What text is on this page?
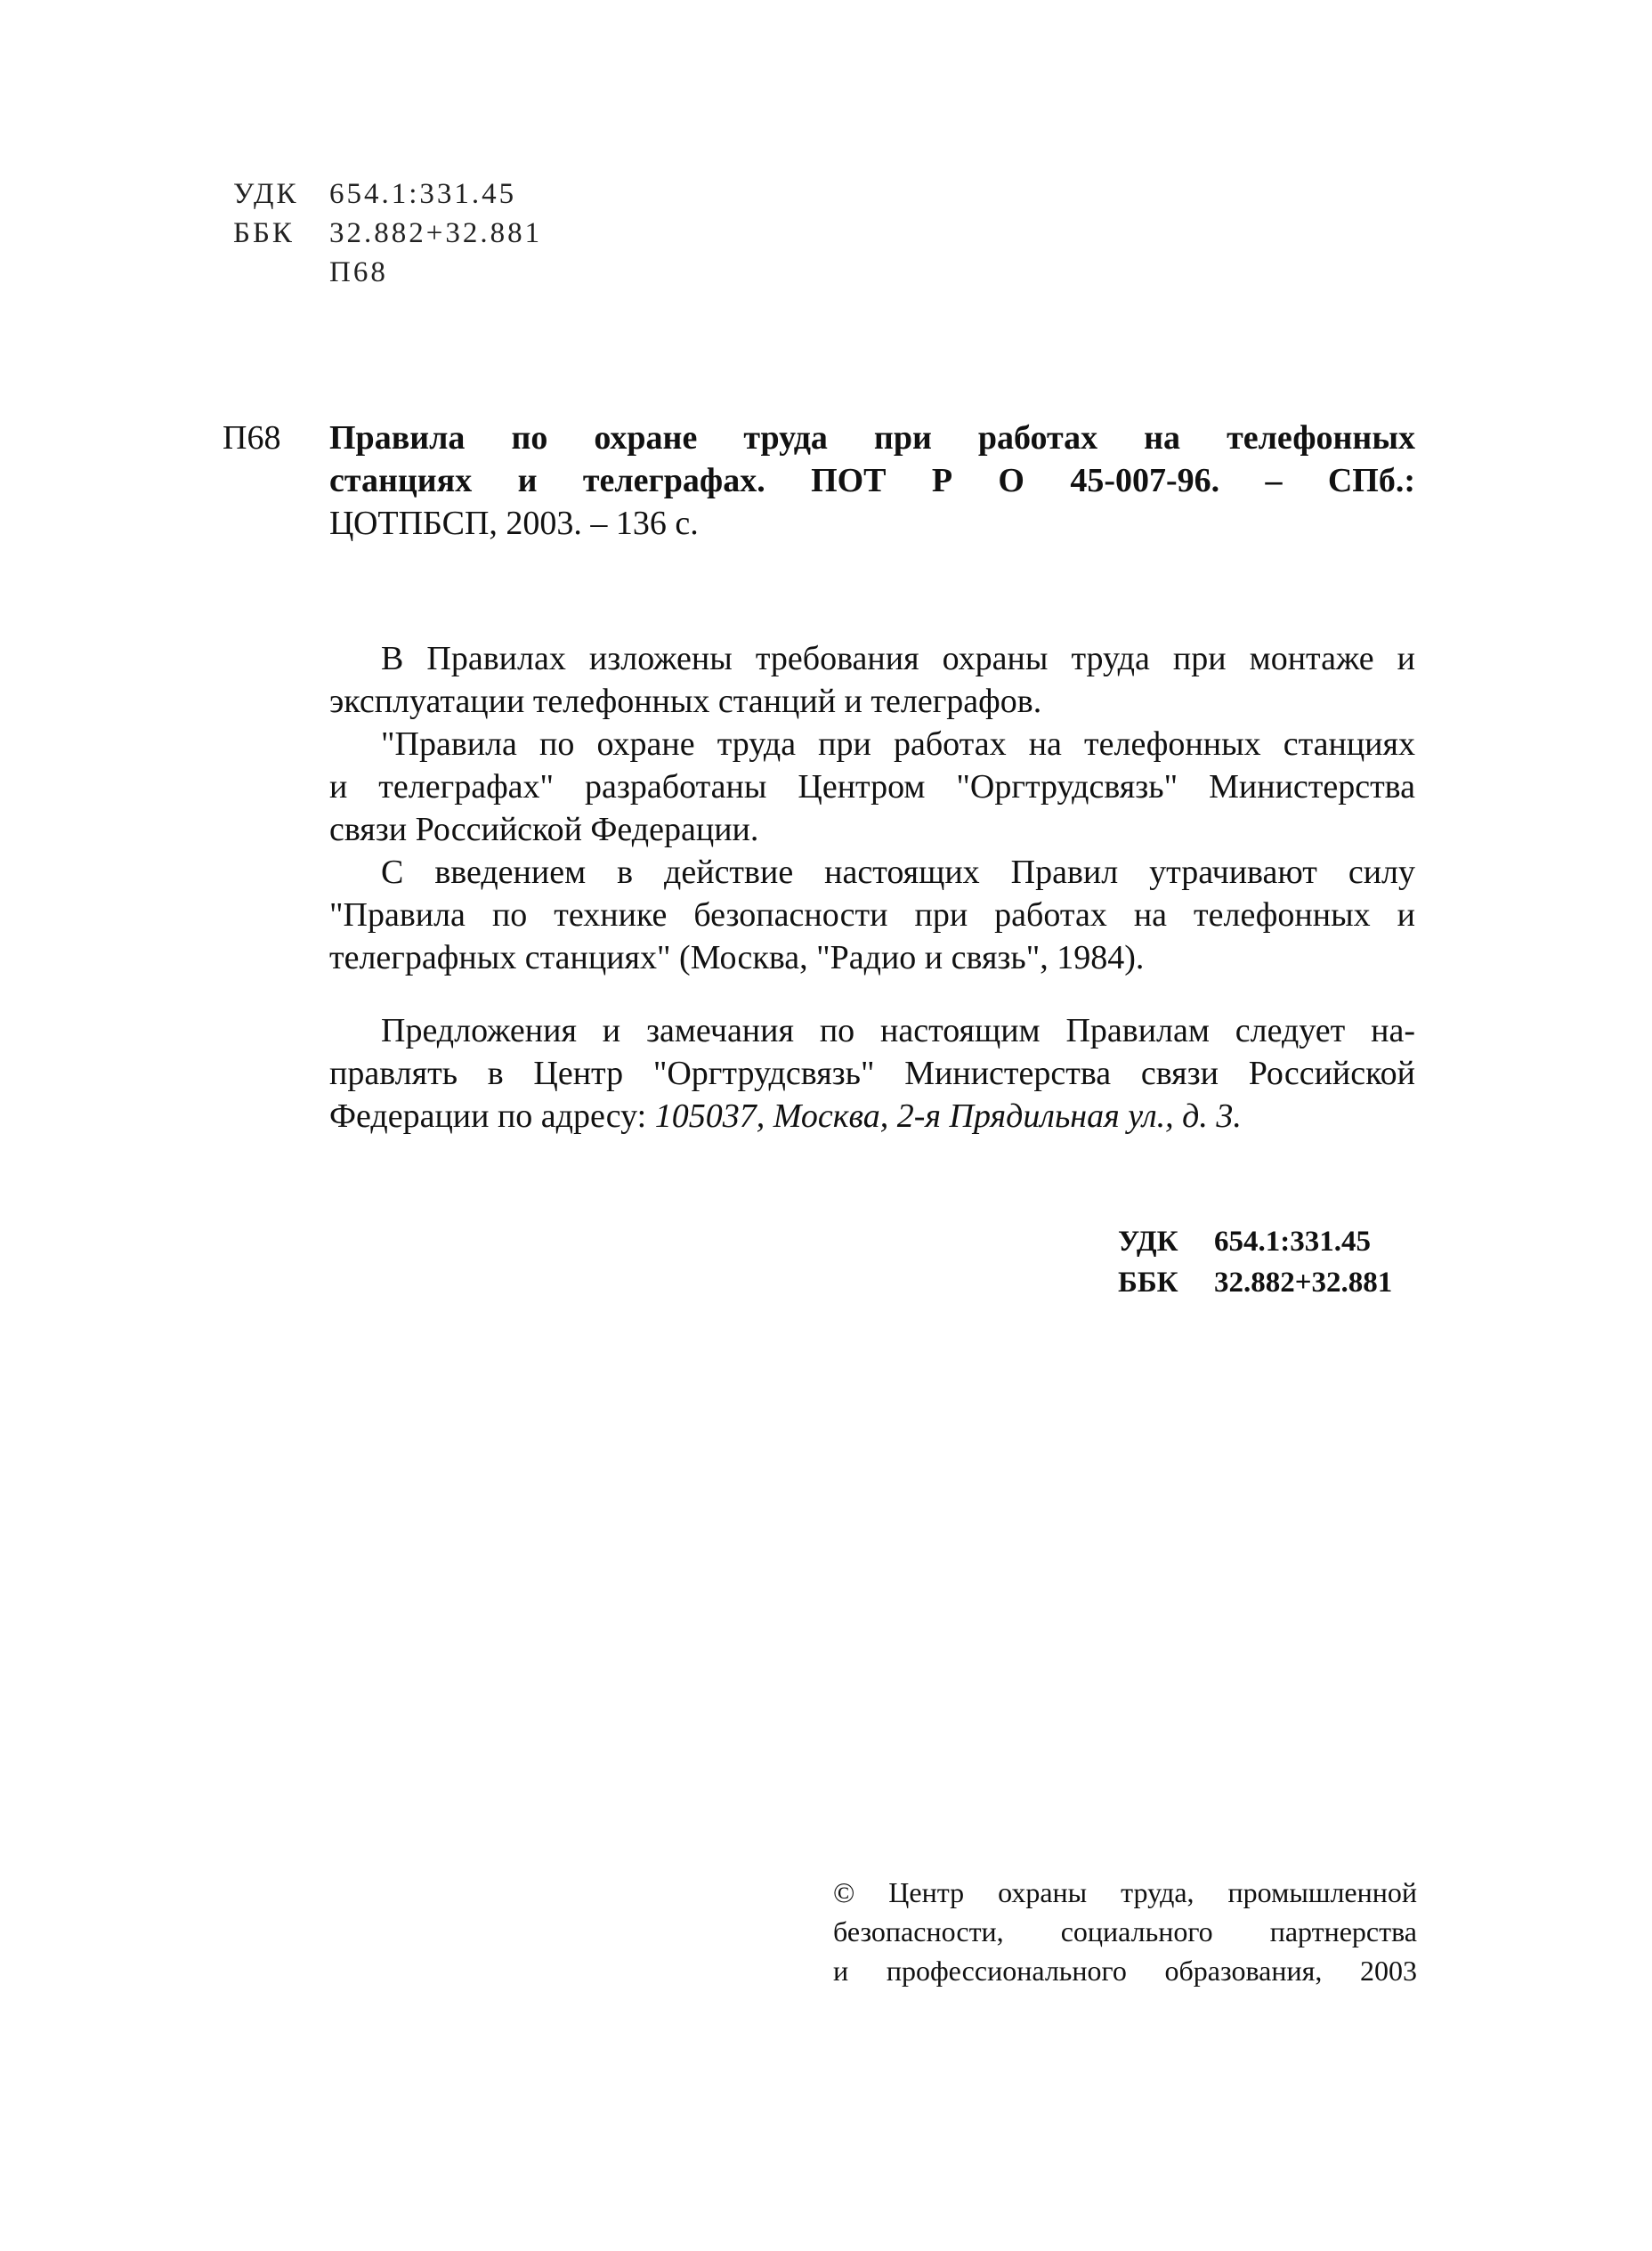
УДК	654.1:331.45
ББК	32.882+32.881
П68
П68 Правила по охране труда при работах на телефонных
станциях и телеграфах. ПОТ Р О 45-007-96. – СПб.:
ЦОТПБСП, 2003. – 136 с.
В Правилах изложены требования охраны труда при монтаже и
эксплуатации телефонных станций и телеграфов.
"Правила по охране труда при работах на телефонных станциях
и телеграфах" разработаны Центром "Оргтрудсвязь" Министерства
связи Российской Федерации.
С введением в действие настоящих Правил утрачивают силу
"Правила по технике безопасности при работах на телефонных и
телеграфных станциях" (Москва, "Радио и связь", 1984).
Предложения и замечания по настоящим Правилам следует на-
правлять в Центр "Оргтрудсвязь" Министерства связи Российской
Федерации по адресу: 105037, Москва, 2-я Прядильная ул., д. 3.
УДК	654.1:331.45
ББК	32.882+32.881
© Центр охраны труда, промышленной
безопасности, социального партнерства
и профессионального образования, 2003
